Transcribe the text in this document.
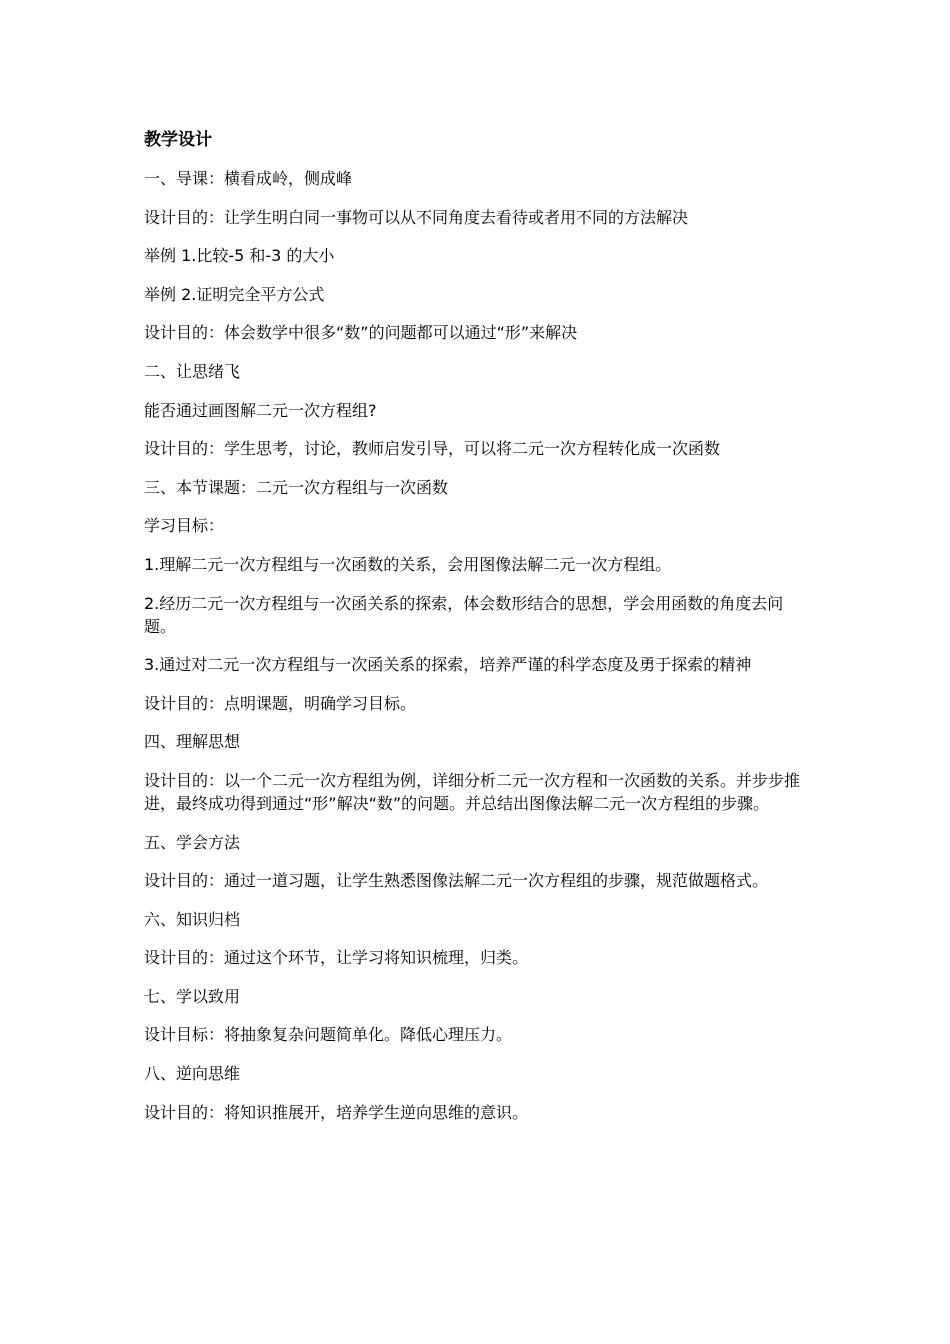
教学设计
一、导课：横看成岭，侧成峰
设计目的：让学生明白同一事物可以从不同角度去看待或者用不同的方法解决
举例 1.比较-5 和-3 的大小
举例 2.证明完全平方公式
设计目的：体会数学中很多“数”的问题都可以通过“形”来解决
二、让思绪飞
能否通过画图解二元一次方程组?
设计目的：学生思考，讨论，教师启发引导，可以将二元一次方程转化成一次函数
三、本节课题：二元一次方程组与一次函数
学习目标：
1.理解二元一次方程组与一次函数的关系，会用图像法解二元一次方程组。
2.经历二元一次方程组与一次函关系的探索，体会数形结合的思想，学会用函数的角度去问题。
3.通过对二元一次方程组与一次函关系的探索，培养严谨的科学态度及勇于探索的精神
设计目的：点明课题，明确学习目标。
四、理解思想
设计目的：以一个二元一次方程组为例，详细分析二元一次方程和一次函数的关系。并步步推进，最终成功得到通过“形”解决“数”的问题。并总结出图像法解二元一次方程组的步骤。
五、学会方法
设计目的：通过一道习题，让学生熟悉图像法解二元一次方程组的步骤，规范做题格式。
六、知识归档
设计目的：通过这个环节，让学习将知识梳理，归类。
七、学以致用
设计目标：将抽象复杂问题简单化。降低心理压力。
八、逆向思维
设计目的：将知识推展开，培养学生逆向思维的意识。
